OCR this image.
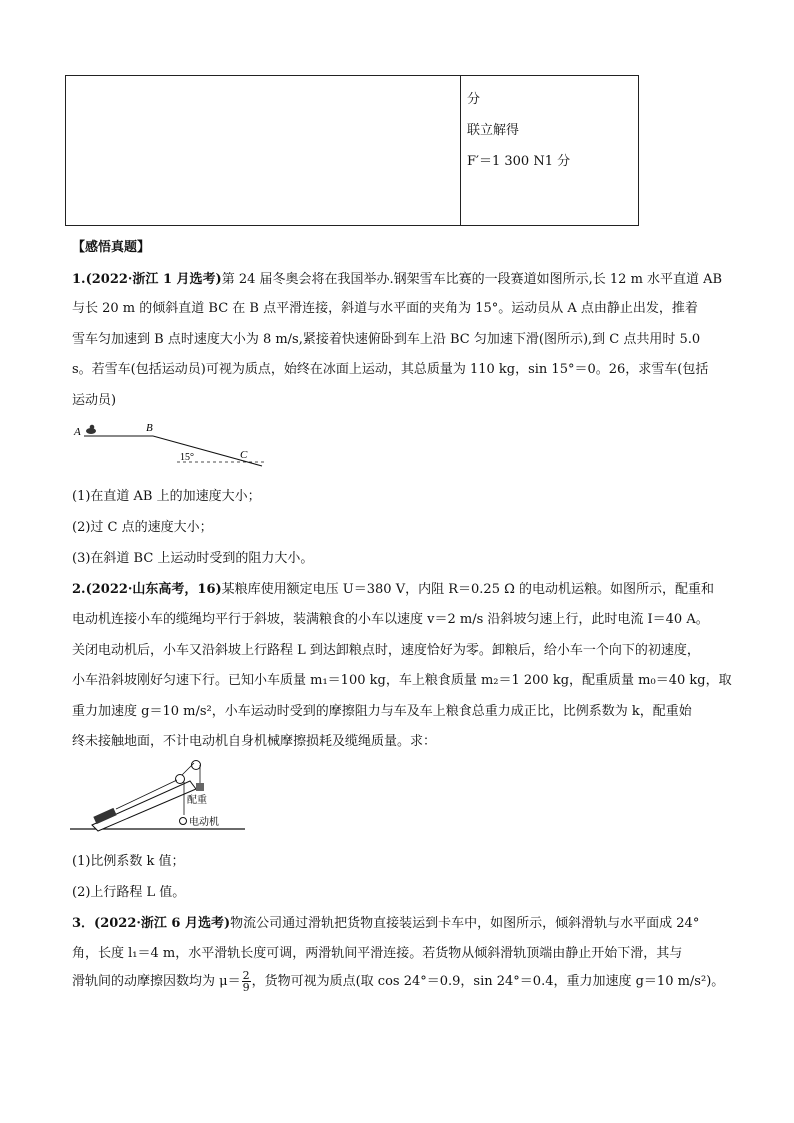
分
联立解得
F′＝1 300 N1 分
【感悟真题】
1.(2022·浙江 1 月选考)第 24 届冬奥会将在我国举办.钢架雪车比赛的一段赛道如图所示,长 12 m 水平直道 AB
与长 20 m 的倾斜直道 BC 在 B 点平滑连接，斜道与水平面的夹角为 15°。运动员从 A 点由静止出发，推着
雪车匀加速到 B 点时速度大小为 8 m/s,紧接着快速俯卧到车上沿 BC 匀加速下滑(图所示),到 C 点共用时 5.0
s。若雪车(包括运动员)可视为质点，始终在冰面上运动，其总质量为 110 kg，sin 15°＝0。26，求雪车(包括
运动员)
A	B
15°	C
(1)在直道 AB 上的加速度大小；
(2)过 C 点的速度大小；
(3)在斜道 BC 上运动时受到的阻力大小。
2.(2022·山东高考，16)某粮库使用额定电压 U＝380 V，内阻 R＝0.25 Ω 的电动机运粮。如图所示，配重和
电动机连接小车的缆绳均平行于斜坡，装满粮食的小车以速度 v＝2 m/s 沿斜坡匀速上行，此时电流 I＝40 A。
关闭电动机后，小车又沿斜坡上行路程 L 到达卸粮点时，速度恰好为零。卸粮后，给小车一个向下的初速度，
小车沿斜坡刚好匀速下行。已知小车质量 m₁＝100 kg，车上粮食质量 m₂＝1 200 kg，配重质量 m₀＝40 kg，取
重力加速度 g＝10 m/s²，小车运动时受到的摩擦阻力与车及车上粮食总重力成正比，比例系数为 k，配重始
终未接触地面，不计电动机自身机械摩擦损耗及缆绳质量。求：
配重
电动机
(1)比例系数 k 值；
(2)上行路程 L 值。
3．(2022·浙江 6 月选考)物流公司通过滑轨把货物直接装运到卡车中，如图所示，倾斜滑轨与水平面成 24°
角，长度 l₁＝4 m，水平滑轨长度可调，两滑轨间平滑连接。若货物从倾斜滑轨顶端由静止开始下滑，其与
滑轨间的动摩擦因数均为 $\mu= \frac{2}{9}$ ，货物可视为质点(取 cos 24°＝0.9，sin 24°＝0.4，重力加速度 g＝10 m/s²)。
